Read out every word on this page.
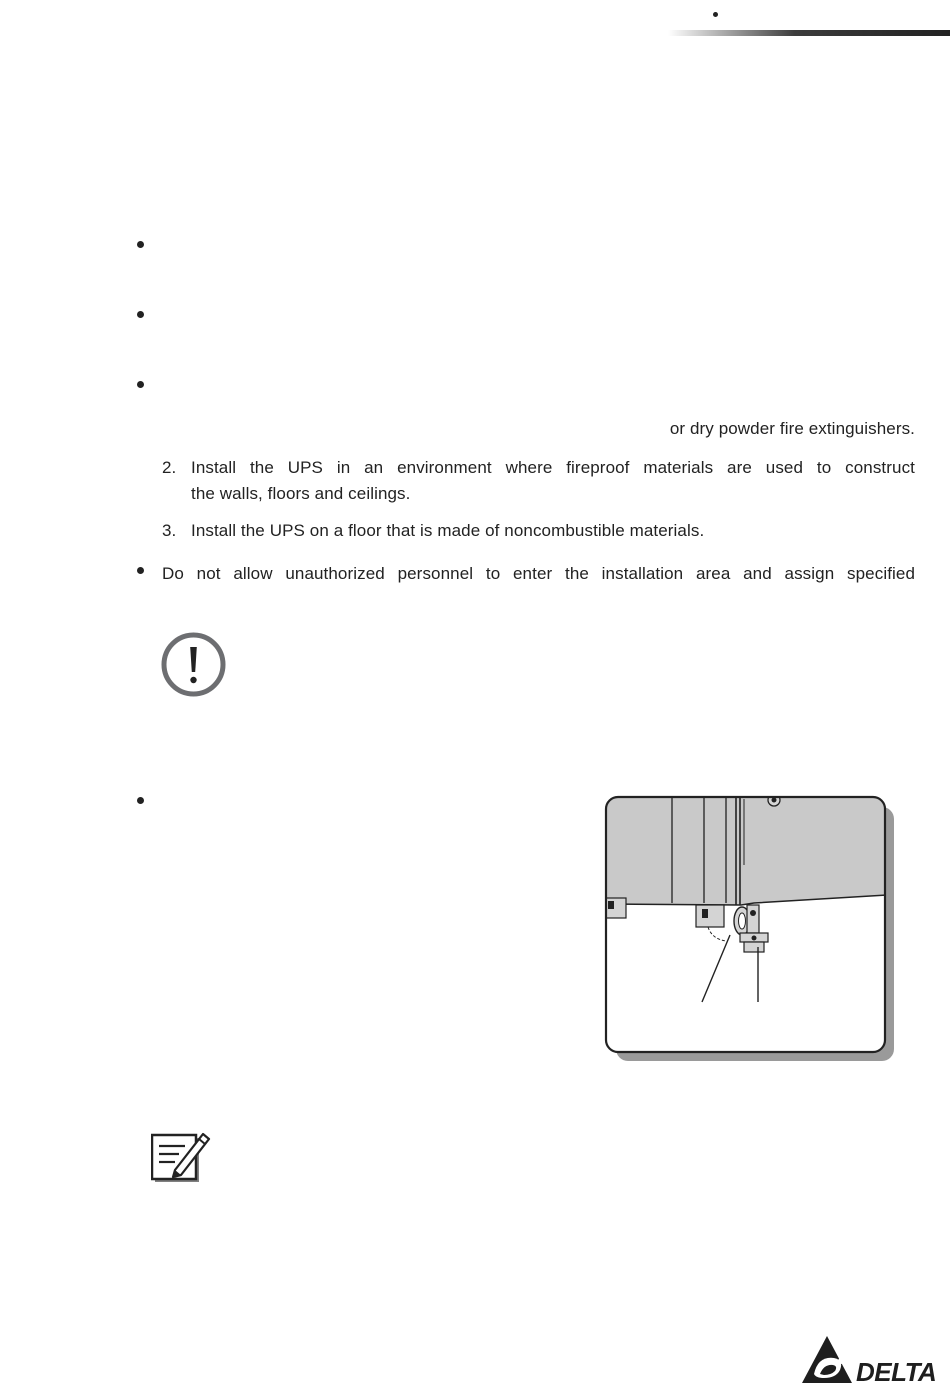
or dry powder fire extinguishers.
2. Install the UPS in an environment where fireproof materials are used to construct
the walls, floors and ceilings.
3. Install the UPS on a floor that is made of noncombustible materials.
Do not allow unauthorized personnel to enter the installation area and assign specified
DELTA
